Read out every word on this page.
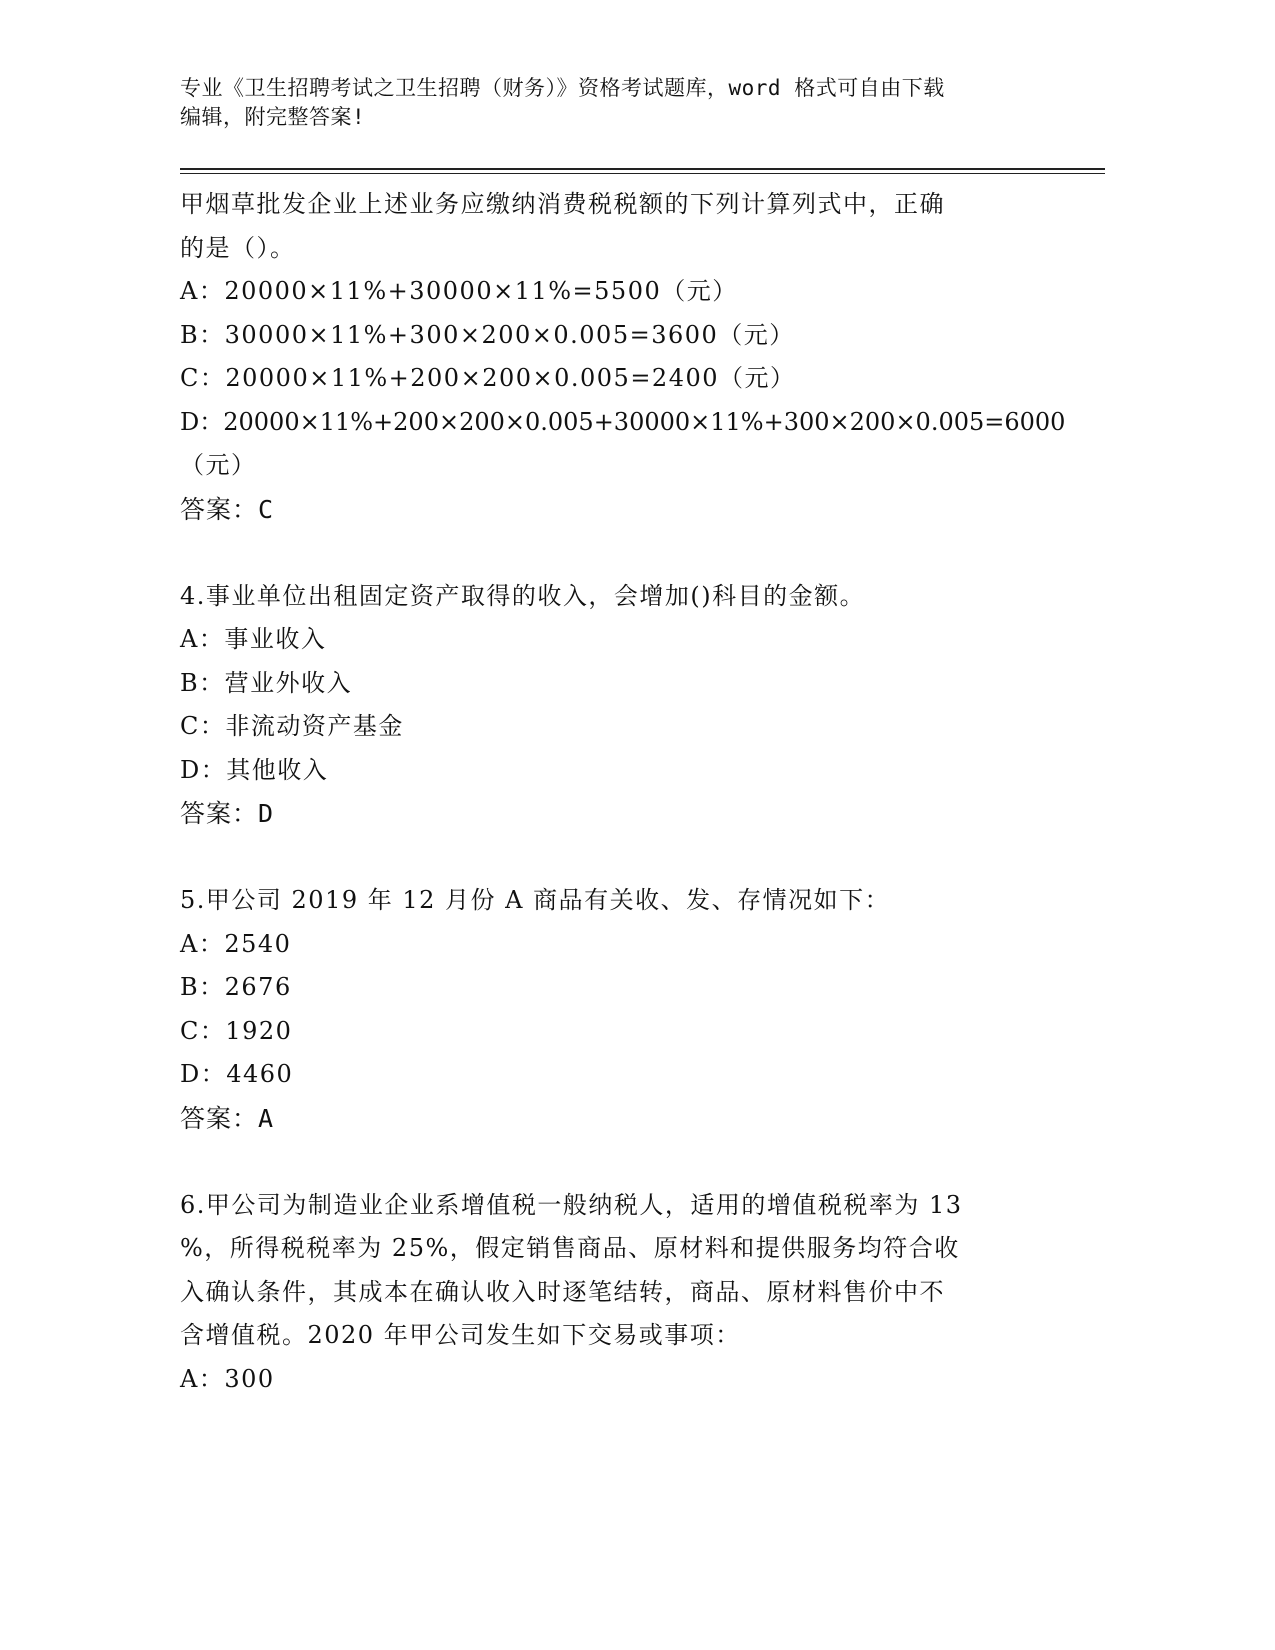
专业《卫生招聘考试之卫生招聘（财务）》资格考试题库，word 格式可自由下载
编辑，附完整答案!
甲烟草批发企业上述业务应缴纳消费税税额的下列计算列式中，正确
的是（）。
A：20000×11%+30000×11%=5500（元）
B：30000×11%+300×200×0.005=3600（元）
C：20000×11%+200×200×0.005=2400（元）
D：20000×11%+200×200×0.005+30000×11%+300×200×0.005=6000
（元）
答案：C
4.事业单位出租固定资产取得的收入，会增加()科目的金额。
A：事业收入
B：营业外收入
C：非流动资产基金
D：其他收入
答案：D
5.甲公司 2019 年 12 月份 A 商品有关收、发、存情况如下：
A：2540
B：2676
C：1920
D：4460
答案：A
6.甲公司为制造业企业系增值税一般纳税人，适用的增值税税率为 13
%，所得税税率为 25%，假定销售商品、原材料和提供服务均符合收
入确认条件，其成本在确认收入时逐笔结转，商品、原材料售价中不
含增值税。2020 年甲公司发生如下交易或事项：
A：300
